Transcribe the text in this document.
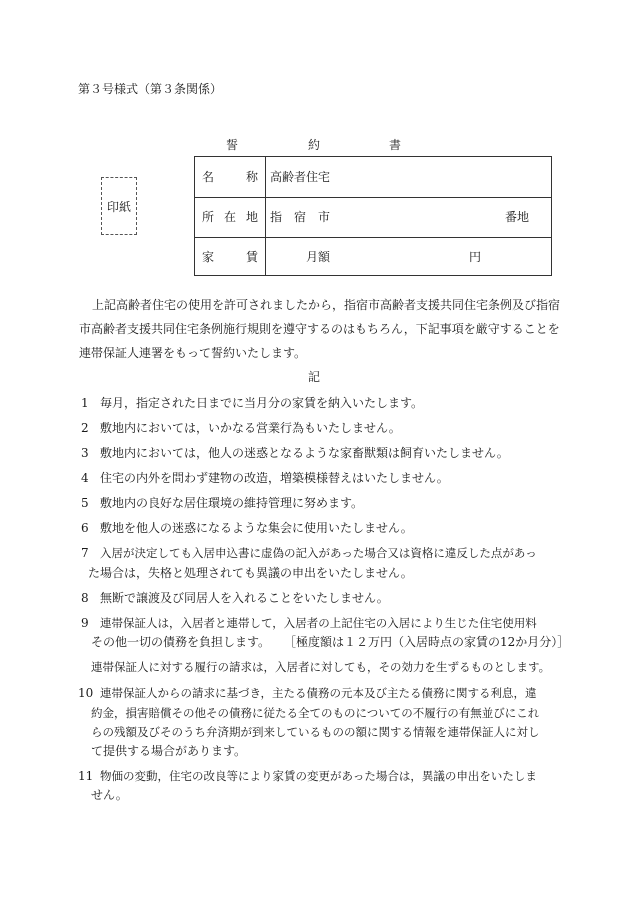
第３号様式（第３条関係）
誓	約	書
印紙
名	称 高齢者住宅
所 在 地 指 宿 市	番地
家	賃	月額	円
上記高齢者住宅の使用を許可されましたから，指宿市高齢者支援共同住宅条例及び指宿
市高齢者支援共同住宅条例施行規則を遵守するのはもちろん，下記事項を厳守することを
連帯保証人連署をもって誓約いたします。
記
1 毎月，指定された日までに当月分の家賃を納入いたします。
2 敷地内においては，いかなる営業行為もいたしません。
3 敷地内においては，他人の迷惑となるような家畜獣類は飼育いたしません。
4 住宅の内外を問わず建物の改造，増築模様替えはいたしません。
5 敷地内の良好な居住環境の維持管理に努めます。
6 敷地を他人の迷惑になるような集会に使用いたしません。
7 入居が決定しても入居申込書に虚偽の記入があった場合又は資格に違反した点があっ
た場合は，失格と処理されても異議の申出をいたしません。
8 無断で譲渡及び同居人を入れることをいたしません。
9 連帯保証人は，入居者と連帯して，入居者の上記住宅の入居により生じた住宅使用料
その他一切の債務を負担します。 ［極度額は１２万円（入居時点の家賃の12か月分）］
連帯保証人に対する履行の請求は，入居者に対しても，その効力を生ずるものとします。
10 連帯保証人からの請求に基づき，主たる債務の元本及び主たる債務に関する利息，違
約金，損害賠償その他その債務に従たる全てのものについての不履行の有無並びにこれ
らの残額及びそのうち弁済期が到来しているものの額に関する情報を連帯保証人に対し
て提供する場合があります。
11 物価の変動，住宅の改良等により家賃の変更があった場合は，異議の申出をいたしま
せん。
